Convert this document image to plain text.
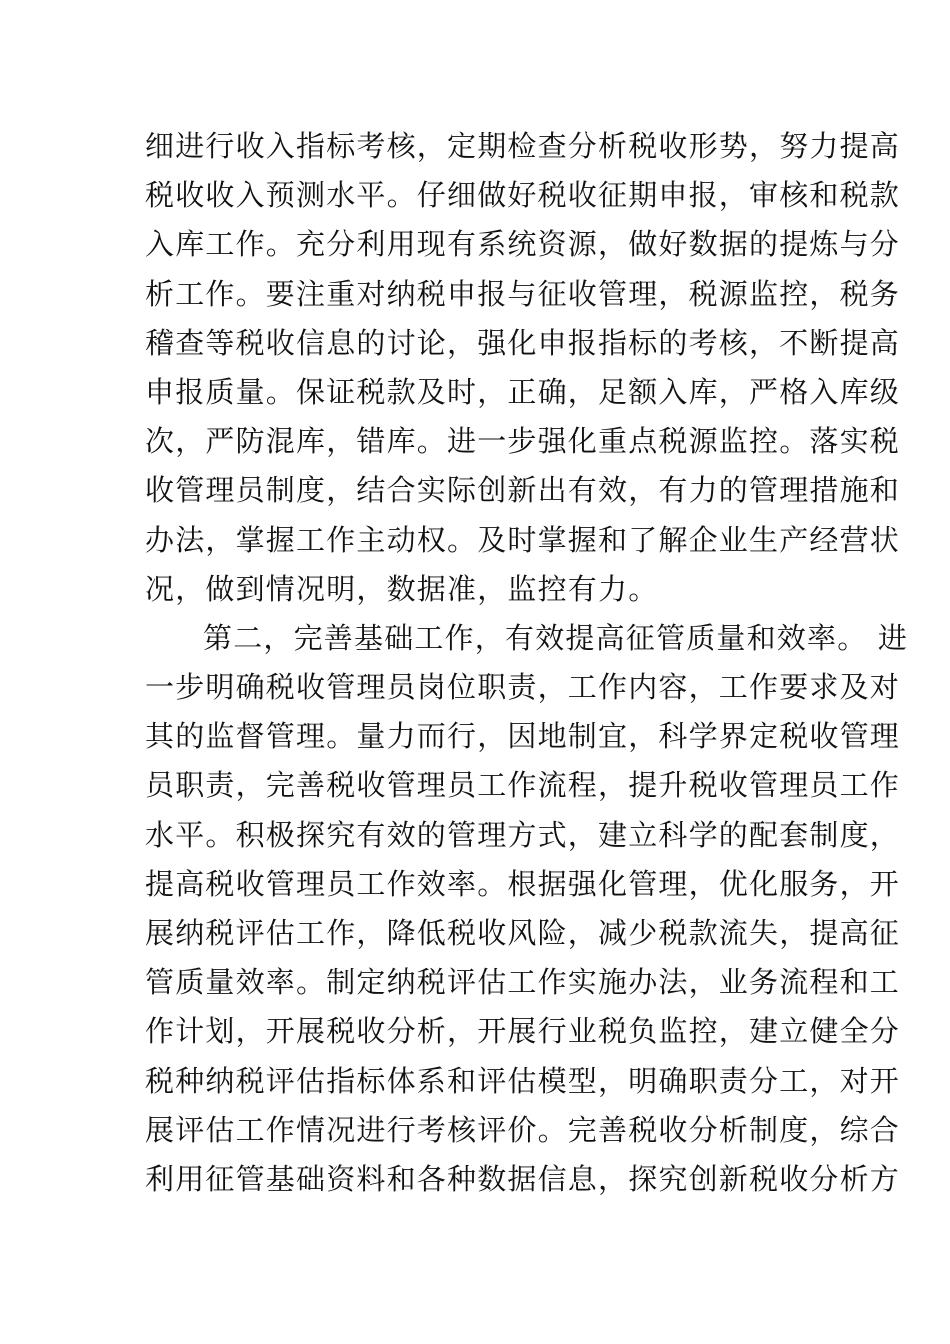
细进行收入指标考核，定期检查分析税收形势，努力提高
税收收入预测水平。仔细做好税收征期申报，审核和税款
入库工作。充分利用现有系统资源，做好数据的提炼与分
析工作。要注重对纳税申报与征收管理，税源监控，税务
稽查等税收信息的讨论，强化申报指标的考核，不断提高
申报质量。保证税款及时，正确，足额入库，严格入库级
次，严防混库，错库。进一步强化重点税源监控。落实税
收管理员制度，结合实际创新出有效，有力的管理措施和
办法，掌握工作主动权。及时掌握和了解企业生产经营状
况，做到情况明，数据准，监控有力。
第二，完善基础工作，有效提高征管质量和效率。 进
一步明确税收管理员岗位职责，工作内容，工作要求及对
其的监督管理。量力而行，因地制宜，科学界定税收管理
员职责，完善税收管理员工作流程，提升税收管理员工作
水平。积极探究有效的管理方式，建立科学的配套制度，
提高税收管理员工作效率。根据强化管理，优化服务，开
展纳税评估工作，降低税收风险，减少税款流失，提高征
管质量效率。制定纳税评估工作实施办法，业务流程和工
作计划，开展税收分析，开展行业税负监控，建立健全分
税种纳税评估指标体系和评估模型，明确职责分工，对开
展评估工作情况进行考核评价。完善税收分析制度，综合
利用征管基础资料和各种数据信息，探究创新税收分析方
